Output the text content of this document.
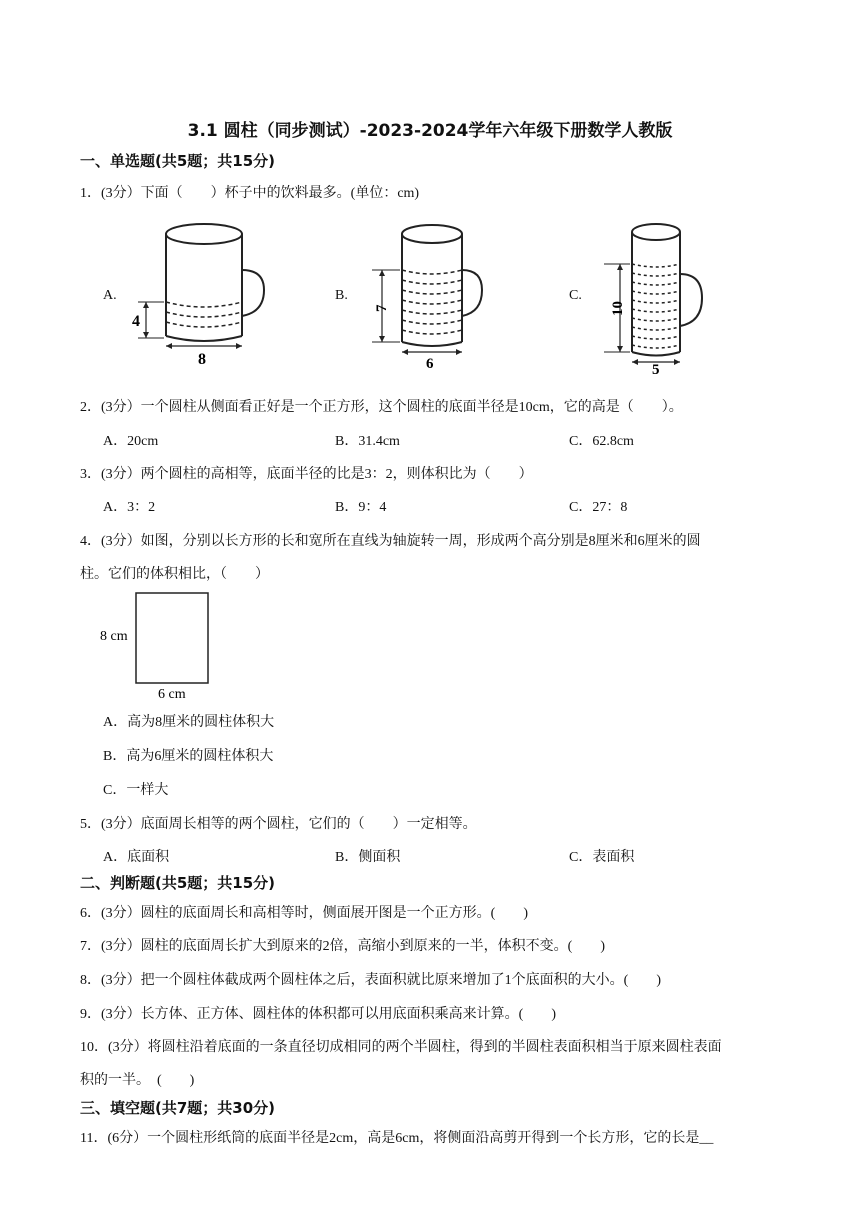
3.1 圆柱（同步测试）-2023-2024学年六年级下册数学人教版
一、单选题(共5题；共15分)
1．(3分）下面（　　）杯子中的饮料最多。(单位：cm)
A.	B.	C.
4
8
7
6
10
5
2．(3分）一个圆柱从侧面看正好是一个正方形，这个圆柱的底面半径是10cm，它的高是（　　）。
A．20cm	B．31.4cm	C．62.8cm
3．(3分）两个圆柱的高相等，底面半径的比是3：2，则体积比为（　　）
A．3：2	B．9：4	C．27：8
4．(3分）如图，分别以长方形的长和宽所在直线为轴旋转一周，形成两个高分别是8厘米和6厘米的圆
柱。它们的体积相比，（　　）
8 cm
6 cm
A．高为8厘米的圆柱体积大
B．高为6厘米的圆柱体积大
C．一样大
5．(3分）底面周长相等的两个圆柱，它们的（　　）一定相等。
A．底面积	B．侧面积	C．表面积
二、判断题(共5题；共15分)
6．(3分）圆柱的底面周长和高相等时，侧面展开图是一个正方形。(　　)
7．(3分）圆柱的底面周长扩大到原来的2倍，高缩小到原来的一半，体积不变。(　　)
8．(3分）把一个圆柱体截成两个圆柱体之后，表面积就比原来增加了1个底面积的大小。(　　)
9．(3分）长方体、正方体、圆柱体的体积都可以用底面积乘高来计算。(　　)
10．(3分）将圆柱沿着底面的一条直径切成相同的两个半圆柱，得到的半圆柱表面积相当于原来圆柱表面
积的一半。　(　　)
三、填空题(共7题；共30分)
11．(6分）一个圆柱形纸筒的底面半径是2cm，高是6cm，将侧面沿高剪开得到一个长方形，它的长是__
